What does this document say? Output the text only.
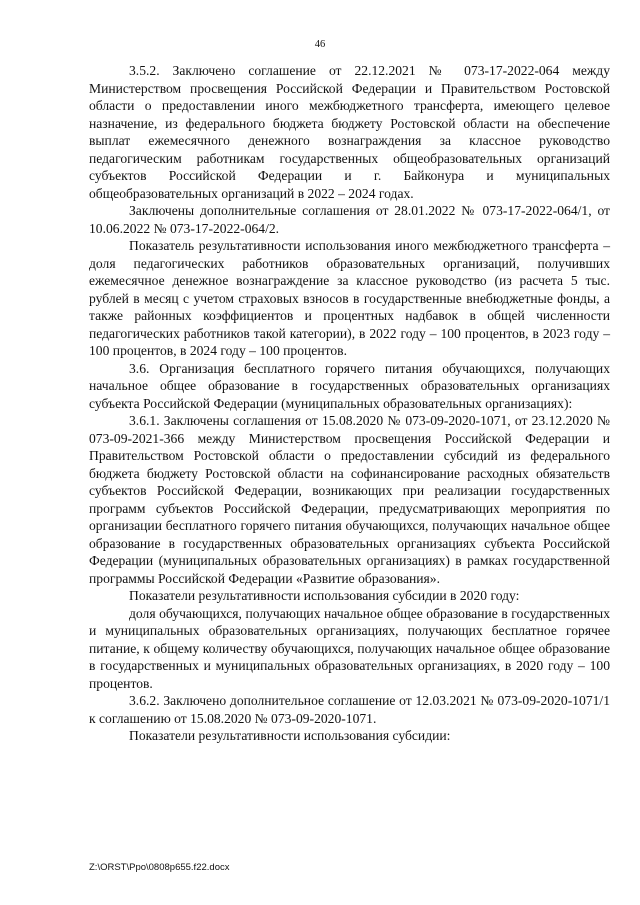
46

3.5.2. Заключено соглашение от 22.12.2021 № 073-17-2022-064 между Министерством просвещения Российской Федерации и Правительством Ростовской области о предоставлении иного межбюджетного трансферта, имеющего целевое назначение, из федерального бюджета бюджету Ростовской области на обеспечение выплат ежемесячного денежного вознаграждения за классное руководство педагогическим работникам государственных общеобразовательных организаций субъектов Российской Федерации и г. Байконура и муниципальных общеобразовательных организаций в 2022 – 2024 годах.

Заключены дополнительные соглашения от 28.01.2022 № 073-17-2022-064/1, от 10.06.2022 № 073-17-2022-064/2.

Показатель результативности использования иного межбюджетного трансферта – доля педагогических работников образовательных организаций, получивших ежемесячное денежное вознаграждение за классное руководство (из расчета 5 тыс. рублей в месяц с учетом страховых взносов в государственные внебюджетные фонды, а также районных коэффициентов и процентных надбавок в общей численности педагогических работников такой категории), в 2022 году – 100 процентов, в 2023 году – 100 процентов, в 2024 году – 100 процентов.

3.6. Организация бесплатного горячего питания обучающихся, получающих начальное общее образование в государственных образовательных организациях субъекта Российской Федерации (муниципальных образовательных организациях):

3.6.1. Заключены соглашения от 15.08.2020 № 073-09-2020-1071, от 23.12.2020 № 073-09-2021-366 между Министерством просвещения Российской Федерации и Правительством Ростовской области о предоставлении субсидий из федерального бюджета бюджету Ростовской области на софинансирование расходных обязательств субъектов Российской Федерации, возникающих при реализации государственных программ субъектов Российской Федерации, предусматривающих мероприятия по организации бесплатного горячего питания обучающихся, получающих начальное общее образование в государственных образовательных организациях субъекта Российской Федерации (муниципальных образовательных организациях) в рамках государственной программы Российской Федерации «Развитие образования».

Показатели результативности использования субсидии в 2020 году:

доля обучающихся, получающих начальное общее образование в государственных и муниципальных образовательных организациях, получающих бесплатное горячее питание, к общему количеству обучающихся, получающих начальное общее образование в государственных и муниципальных образовательных организациях, в 2020 году – 100 процентов.

3.6.2. Заключено дополнительное соглашение от 12.03.2021 № 073-09-2020-1071/1 к соглашению от 15.08.2020 № 073-09-2020-1071.

Показатели результативности использования субсидии:

Z:\ORST\Ppo\0808p655.f22.docx
